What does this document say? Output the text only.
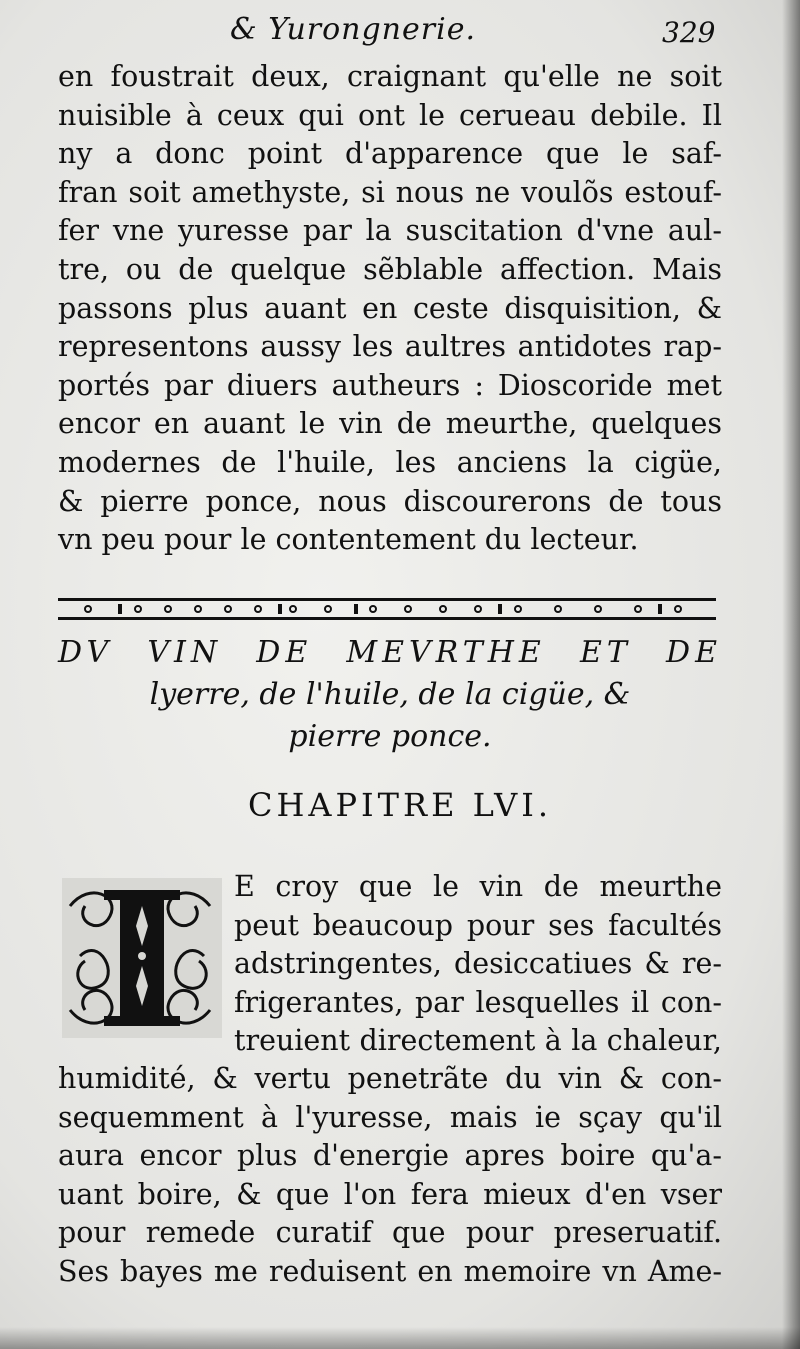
& Yurongnerie.	329
en foustrait deux, craignant qu'elle ne soit
nuisible à ceux qui ont le cerueau debile. Il
ny a donc point d'apparence que le saf-
fran soit amethyste, si nous ne voulõs estouf-
fer vne yuresse par la suscitation d'vne aul-
tre, ou de quelque sẽblable affection. Mais
passons plus auant en ceste disquisition, &
representons aussy les aultres antidotes rap-
portés par diuers autheurs : Dioscoride met
encor en auant le vin de meurthe, quelques
modernes de l'huile, les anciens la cigüe,
& pierre ponce, nous discourerons de tous
vn peu pour le contentement du lecteur.
DV VIN DE MEVRTHE ET DE
lyerre, de l'huile, de la cigüe, &
pierre ponce.
CHAPITRE LVI.
E croy que le vin de meurthe
peut beaucoup pour ses facultés
adstringentes, desiccatiues & re-
frigerantes, par lesquelles il con-
treuient directement à la chaleur,
humidité, & vertu penetrãte du vin & con-
sequemment à l'yuresse, mais ie sçay qu'il
aura encor plus d'energie apres boire qu'a-
uant boire, & que l'on fera mieux d'en vser
pour remede curatif que pour preseruatif.
Ses bayes me reduisent en memoire vn Ame-
